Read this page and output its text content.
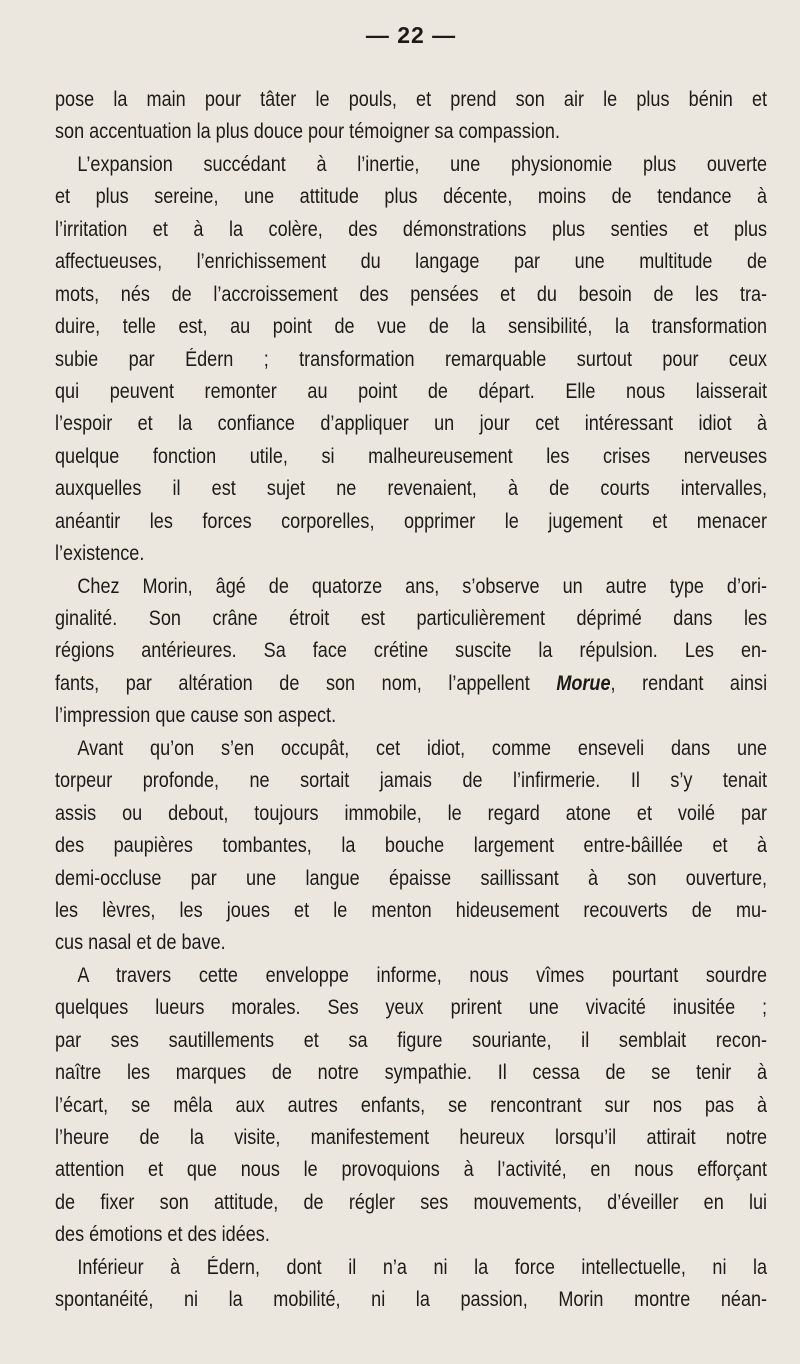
— 22 —
pose la main pour tâter le pouls, et prend son air le plus bénin et
son accentuation la plus douce pour témoigner sa compassion.
L’expansion succédant à l’inertie, une physionomie plus ouverte
et plus sereine, une attitude plus décente, moins de tendance à
l’irritation et à la colère, des démonstrations plus senties et plus
affectueuses, l’enrichissement du langage par une multitude de
mots, nés de l’accroissement des pensées et du besoin de les tra-
duire, telle est, au point de vue de la sensibilité, la transformation
subie par Édern ; transformation remarquable surtout pour ceux
qui peuvent remonter au point de départ. Elle nous laisserait
l’espoir et la confiance d’appliquer un jour cet intéressant idiot à
quelque fonction utile, si malheureusement les crises nerveuses
auxquelles il est sujet ne revenaient, à de courts intervalles,
anéantir les forces corporelles, opprimer le jugement et menacer
l’existence.
Chez Morin, âgé de quatorze ans, s’observe un autre type d’ori-
ginalité. Son crâne étroit est particulièrement déprimé dans les
régions antérieures. Sa face crétine suscite la répulsion. Les en-
fants, par altération de son nom, l’appellent Morue, rendant ainsi
l’impression que cause son aspect.
Avant qu’on s’en occupât, cet idiot, comme enseveli dans une
torpeur profonde, ne sortait jamais de l’infirmerie. Il s’y tenait
assis ou debout, toujours immobile, le regard atone et voilé par
des paupières tombantes, la bouche largement entre-bâillée et à
demi-occluse par une langue épaisse saillissant à son ouverture,
les lèvres, les joues et le menton hideusement recouverts de mu-
cus nasal et de bave.
A travers cette enveloppe informe, nous vîmes pourtant sourdre
quelques lueurs morales. Ses yeux prirent une vivacité inusitée ;
par ses sautillements et sa figure souriante, il semblait recon-
naître les marques de notre sympathie. Il cessa de se tenir à
l’écart, se mêla aux autres enfants, se rencontrant sur nos pas à
l’heure de la visite, manifestement heureux lorsqu’il attirait notre
attention et que nous le provoquions à l’activité, en nous efforçant
de fixer son attitude, de régler ses mouvements, d’éveiller en lui
des émotions et des idées.
Inférieur à Édern, dont il n’a ni la force intellectuelle, ni la
spontanéité, ni la mobilité, ni la passion, Morin montre néan-
